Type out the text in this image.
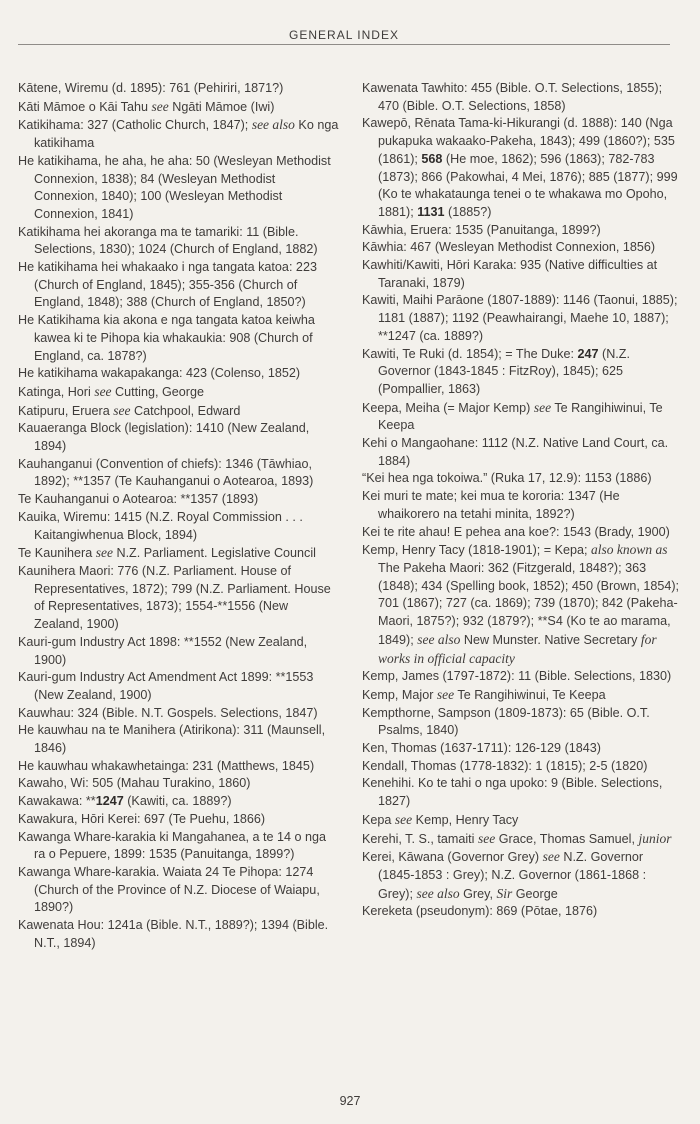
GENERAL INDEX
Kātene, Wiremu (d. 1895): 761 (Pehiriri, 1871?)
Kāti Māmoe o Kāi Tahu see Ngāti Māmoe (Iwi)
Katikihama: 327 (Catholic Church, 1847); see also Ko nga katikihama
He katikihama, he aha, he aha: 50 (Wesleyan Methodist Connexion, 1838); 84 (Wesleyan Methodist Connexion, 1840); 100 (Wesleyan Methodist Connexion, 1841)
Katikihama hei akoranga ma te tamariki: 11 (Bible. Selections, 1830); 1024 (Church of England, 1882)
He katikihama hei whakaako i nga tangata katoa: 223 (Church of England, 1845); 355-356 (Church of England, 1848); 388 (Church of England, 1850?)
He Katikihama kia akona e nga tangata katoa keiwha kawea ki te Pihopa kia whakaukia: 908 (Church of England, ca. 1878?)
He katikihama wakapakanga: 423 (Colenso, 1852)
Katinga, Hori see Cutting, George
Katipuru, Eruera see Catchpool, Edward
Kauaeranga Block (legislation): 1410 (New Zealand, 1894)
Kauhanganui (Convention of chiefs): 1346 (Tāwhiao, 1892); **1357 (Te Kauhanganui o Aotearoa, 1893)
Te Kauhanganui o Aotearoa: **1357 (1893)
Kauika, Wiremu: 1415 (N.Z. Royal Commission . . . Kaitangiwhenua Block, 1894)
Te Kaunihera see N.Z. Parliament. Legislative Council
Kaunihera Maori: 776 (N.Z. Parliament. House of Representatives, 1872); 799 (N.Z. Parliament. House of Representatives, 1873); 1554-**1556 (New Zealand, 1900)
Kauri-gum Industry Act 1898: **1552 (New Zealand, 1900)
Kauri-gum Industry Act Amendment Act 1899: **1553 (New Zealand, 1900)
Kauwhau: 324 (Bible. N.T. Gospels. Selections, 1847)
He kauwhau na te Manihera (Atirikona): 311 (Maunsell, 1846)
He kauwhau whakawhetainga: 231 (Matthews, 1845)
Kawaho, Wi: 505 (Mahau Turakino, 1860)
Kawakawa: **1247 (Kawiti, ca. 1889?)
Kawakura, Hōri Kerei: 697 (Te Puehu, 1866)
Kawanga Whare-karakia ki Mangahanea, a te 14 o nga ra o Pepuere, 1899: 1535 (Panuitanga, 1899?)
Kawanga Whare-karakia. Waiata 24 Te Pihopa: 1274 (Church of the Province of N.Z. Diocese of Waiapu, 1890?)
Kawenata Hou: 1241a (Bible. N.T., 1889?); 1394 (Bible. N.T., 1894)
Kawenata Tawhito: 455 (Bible. O.T. Selections, 1855); 470 (Bible. O.T. Selections, 1858)
Kawepō, Rēnata Tama-ki-Hikurangi (d. 1888): 140 (Nga pukapuka wakaako-Pakeha, 1843); 499 (1860?); 535 (1861); 568 (He moe, 1862); 596 (1863); 782-783 (1873); 866 (Pakowhai, 4 Mei, 1876); 885 (1877); 999 (Ko te whakataunga tenei o te whakawa mo Opoho, 1881); 1131 (1885?)
Kāwhia, Eruera: 1535 (Panuitanga, 1899?)
Kāwhia: 467 (Wesleyan Methodist Connexion, 1856)
Kawhiti/Kawiti, Hōri Karaka: 935 (Native difficulties at Taranaki, 1879)
Kawiti, Maihi Parāone (1807-1889): 1146 (Taonui, 1885); 1181 (1887); 1192 (Peawhairangi, Maehe 10, 1887); **1247 (ca. 1889?)
Kawiti, Te Ruki (d. 1854); = The Duke: 247 (N.Z. Governor (1843-1845 : FitzRoy), 1845); 625 (Pompallier, 1863)
Keepa, Meiha (= Major Kemp) see Te Rangihiwinui, Te Keepa
Kehi o Mangaohane: 1112 (N.Z. Native Land Court, ca. 1884)
“Kei hea nga tokoiwa.” (Ruka 17, 12.9): 1153 (1886)
Kei muri te mate; kei mua te kororia: 1347 (He whaikorero na tetahi minita, 1892?)
Kei te rite ahau! E pehea ana koe?: 1543 (Brady, 1900)
Kemp, Henry Tacy (1818-1901); = Kepa; also known as The Pakeha Maori: 362 (Fitzgerald, 1848?); 363 (1848); 434 (Spelling book, 1852); 450 (Brown, 1854); 701 (1867); 727 (ca. 1869); 739 (1870); 842 (Pakeha-Maori, 1875?); 932 (1879?); **S4 (Ko te ao marama, 1849); see also New Munster. Native Secretary for works in official capacity
Kemp, James (1797-1872): 11 (Bible. Selections, 1830)
Kemp, Major see Te Rangihiwinui, Te Keepa
Kempthorne, Sampson (1809-1873): 65 (Bible. O.T. Psalms, 1840)
Ken, Thomas (1637-1711): 126-129 (1843)
Kendall, Thomas (1778-1832): 1 (1815); 2-5 (1820)
Kenehihi. Ko te tahi o nga upoko: 9 (Bible. Selections, 1827)
Kepa see Kemp, Henry Tacy
Kerehi, T. S., tamaiti see Grace, Thomas Samuel, junior
Kerei, Kāwana (Governor Grey) see N.Z. Governor (1845-1853 : Grey); N.Z. Governor (1861-1868 : Grey); see also Grey, Sir George
Kereketa (pseudonym): 869 (Pōtae, 1876)
927
